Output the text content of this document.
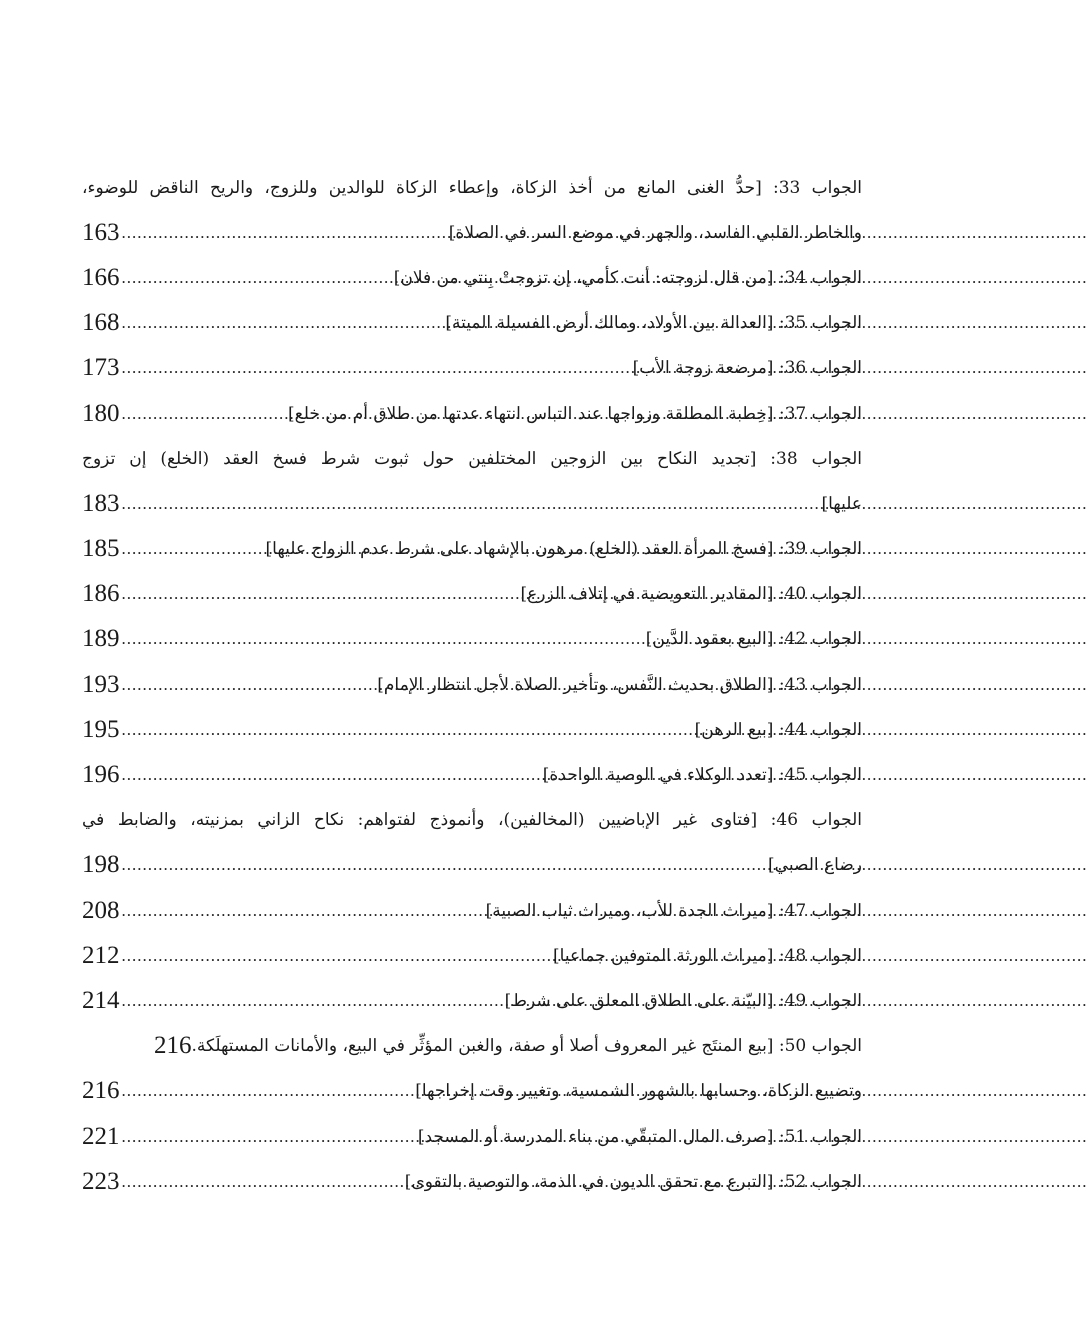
الجواب 33: [حدُّ الغنى المانع من أخذ الزكاة، وإعطاء الزكاة للوالدين وللزوج، والريح الناقض للوضوء،
والخاطر القلبي الفاسد، والجهر في موضع السر في الصلاة]
.....
163
الجواب 34: [من قال لزوجته: أنت كأمي، إن تزوجتْ بِنتي من فلان]
.....
166
الجواب 35: [العدالة بين الأولاد، ومالك أرض الفسيلة الميتة]
.....
168
الجواب 36: [مرضعة زوجة الأب]
.....
173
الجواب 37: [خِطبة المطلقة وزواجها عند التباس انتهاء عدتها من طلاق أم من خلع]
.....
180
الجواب 38: [تجديد النكاح بين الزوجين المختلفين حول ثبوت شرط فسخ العقد (الخلع) إن تزوج
عليها]
.....
183
الجواب 39: [فسخ المرأة العقد (الخلع) مرهون بالإشهاد على شرط عدم الزواج عليها]
.....
185
الجواب 40: [المقادير التعويضية في إتلاف الزرع]
.....
186
الجواب 42: [البيع بعقود الدَّين]
.....
189
الجواب 43: [الطلاق بحديث النَّفس، وتأخير الصلاة لأجل انتظار الإمام]
.....
193
الجواب 44: [بيع الرهن]
.....
195
الجواب 45: [تعدد الوكلاء في الوصية الواحدة]
.....
196
الجواب 46: [فتاوى غير الإباضيين (المخالفين)، وأنموذج لفتواهم: نكاح الزاني بمزنيته، والضابط في
رضاع الصبي]
.....
198
الجواب 47: [ميراث الجدة للأب، وميراث ثياب الصبية]
.....
208
الجواب 48: [ميراث الورثة المتوفين جماعيا]
.....
212
الجواب 49: [البيّنة على الطلاق المعلق على شرط]
.....
214
الجواب 50: [بيع المنتَج غير المعروف أصلا أو صفة، والغبن المؤثِّر في البيع، والأمانات المستهلَكة.
216
وتضييع الزكاة، وحسابها بالشهور الشمسية، وتغيير وقت إخراجها]
.....
216
الجواب 51: [صرف المال المتبقّي من بناء المدرسة أو المسجد]
.....
221
الجواب 52: [التبرع مع تحقق الديون في الذمة، والتوصية بالتقوى]
.....
223
